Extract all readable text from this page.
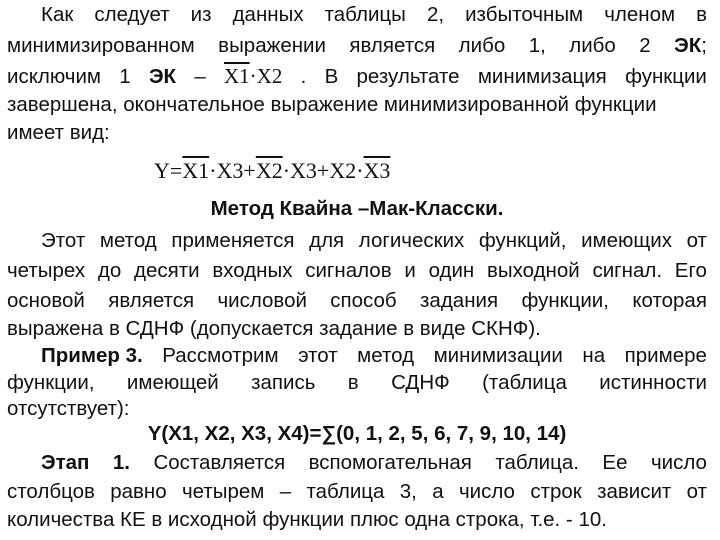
Как следует из данных таблицы 2, избыточным членом в
минимизированном выражении является либо 1, либо 2 ЭК;
исключим 1 ЭК – X1·X2 . В результате минимизация функции
завершена, окончательное выражение минимизированной функции
имеет вид:
Y=X1·X3+X2·X3+X2·X3
Метод Квайна –Мак-Класски.
Этот метод применяется для логических функций, имеющих от
четырех до десяти входных сигналов и один выходной сигнал. Его
основой является числовой способ задания функции, которая
выражена в СДНФ (допускается задание в виде СКНФ).
Пример 3. Рассмотрим этот метод минимизации на примере
функции, имеющей запись в СДНФ (таблица истинности
отсутствует):
Y(X1, X2, X3, X4)=∑(0, 1, 2, 5, 6, 7, 9, 10, 14)
Этап 1. Составляется вспомогательная таблица. Ее число
столбцов равно четырем – таблица 3, а число строк зависит от
количества КЕ в исходной функции плюс одна строка, т.е. - 10.
